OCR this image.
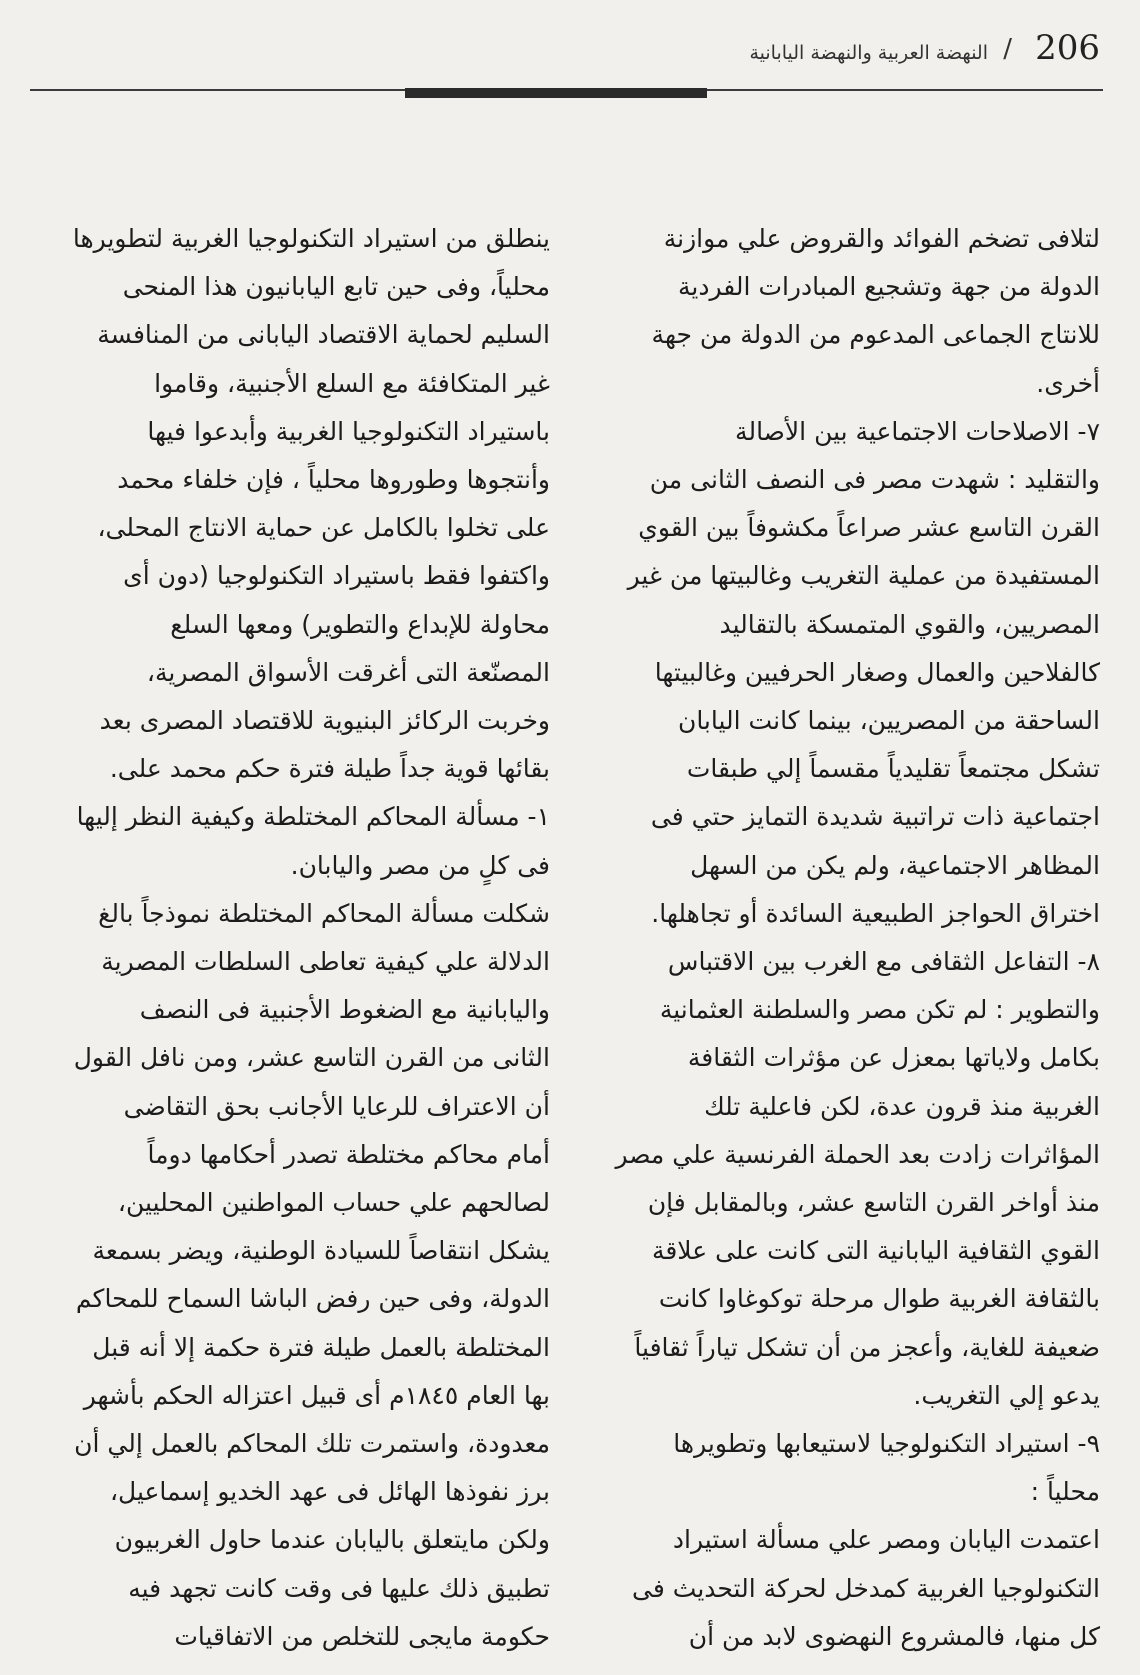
206
/
النهضة العربية والنهضة اليابانية

لتلافى تضخم الفوائد والقروض علي موازنة

الدولة من جهة وتشجيع المبادرات الفردية

للانتاج الجماعى المدعوم من الدولة من جهة

أخرى.

٧- الاصلاحات الاجتماعية بين الأصالة

والتقليد : شهدت مصر فى النصف الثانى من

القرن التاسع عشر صراعاً مكشوفاً بين القوي

المستفيدة من عملية التغريب وغالبيتها من غير

المصريين، والقوي المتمسكة بالتقاليد

كالفلاحين والعمال وصغار الحرفيين وغالبيتها

الساحقة من المصريين، بينما كانت اليابان

تشكل مجتمعاً تقليدياً مقسماً إلي طبقات

اجتماعية ذات تراتبية شديدة التمايز حتي فى

المظاهر الاجتماعية، ولم يكن من السهل

اختراق الحواجز الطبيعية السائدة أو تجاهلها.

٨- التفاعل الثقافى مع الغرب بين الاقتباس

والتطوير : لم تكن مصر والسلطنة العثمانية

بكامل ولاياتها بمعزل عن مؤثرات الثقافة

الغربية منذ قرون عدة، لكن فاعلية تلك

المؤاثرات زادت بعد الحملة الفرنسية علي مصر

منذ أواخر القرن التاسع عشر، وبالمقابل فإن

القوي الثقافية اليابانية التى كانت على علاقة

بالثقافة الغربية طوال مرحلة توكوغاوا كانت

ضعيفة للغاية، وأعجز من أن تشكل تياراً ثقافياً

يدعو إلي التغريب.

٩- استيراد التكنولوجيا لاستيعابها وتطويرها

محلياً :

اعتمدت اليابان ومصر علي مسألة استيراد

التكنولوجيا الغربية كمدخل لحركة التحديث فى

كل منها، فالمشروع النهضوى لابد من أن

ينطلق من استيراد التكنولوجيا الغربية لتطويرها

محلياً، وفى حين تابع اليابانيون هذا المنحى

السليم لحماية الاقتصاد اليابانى من المنافسة

غير المتكافئة مع السلع الأجنبية، وقاموا

باستيراد التكنولوجيا الغربية وأبدعوا فيها

وأنتجوها وطوروها محلياً ، فإن خلفاء محمد

على تخلوا بالكامل عن حماية الانتاج المحلى،

واكتفوا فقط باستيراد التكنولوجيا (دون أى

محاولة للإبداع والتطوير) ومعها السلع

المصنّعة التى أغرقت الأسواق المصرية،

وخربت الركائز البنيوية للاقتصاد المصرى بعد

بقائها قوية جداً طيلة فترة حكم محمد على.

١- مسألة المحاكم المختلطة وكيفية النظر إليها

فى كلٍ من مصر واليابان.

شكلت مسألة المحاكم المختلطة نموذجاً بالغ

الدلالة علي كيفية تعاطى السلطات المصرية

واليابانية مع الضغوط الأجنبية فى النصف

الثانى من القرن التاسع عشر، ومن نافل القول

أن الاعتراف للرعايا الأجانب بحق التقاضى

أمام محاكم مختلطة تصدر أحكامها دوماً

لصالحهم علي حساب المواطنين المحليين،

يشكل انتقاصاً للسيادة الوطنية، ويضر بسمعة

الدولة، وفى حين رفض الباشا السماح للمحاكم

المختلطة بالعمل طيلة فترة حكمة إلا أنه قبل

بها العام ١٨٤٥م أى قبيل اعتزاله الحكم بأشهر

معدودة، واستمرت تلك المحاكم بالعمل إلي أن

برز نفوذها الهائل فى عهد الخديو إسماعيل،

ولكن مايتعلق باليابان عندما حاول الغربيون

تطبيق ذلك عليها فى وقت كانت تجهد فيه

حكومة مايجى للتخلص من الاتفاقيات
